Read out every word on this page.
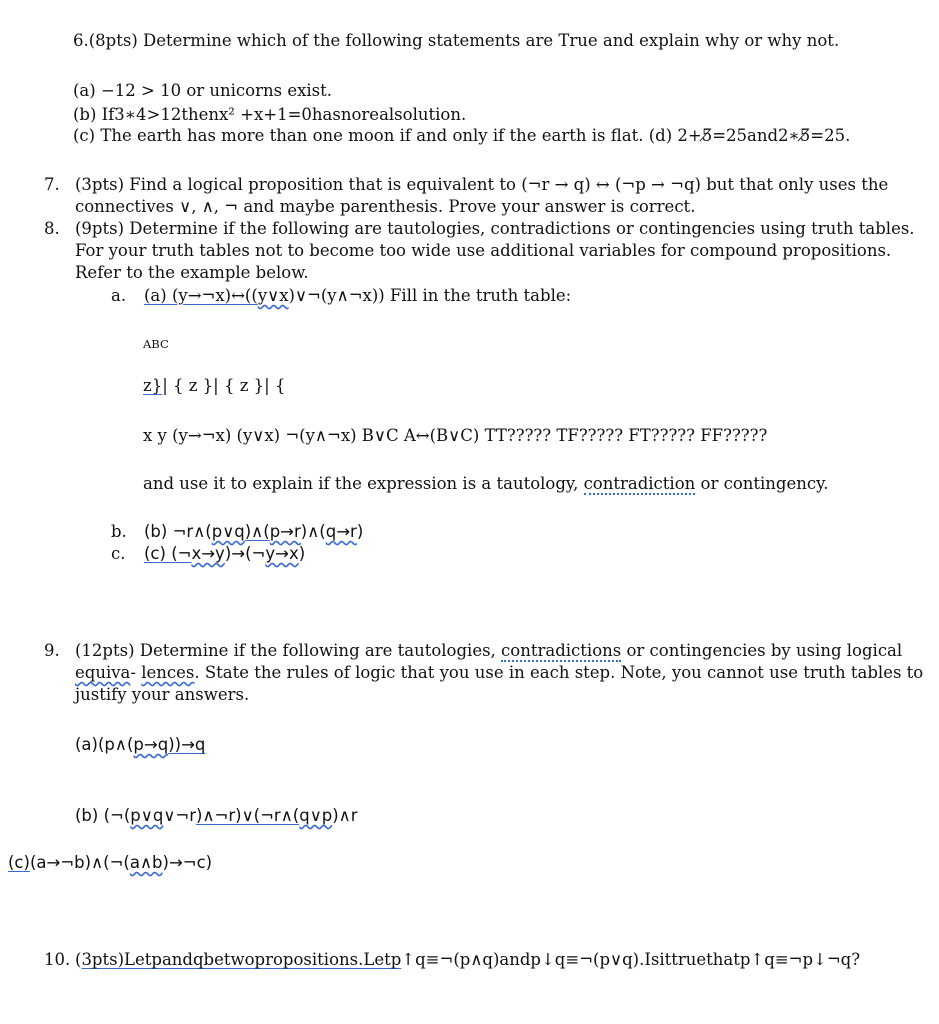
6.(8pts) Determine which of the following statements are True and explain why or why not.
(a) −12 > 10 or unicorns exist.
(b) If3∗4>12thenx² +x+1=0hasnorealsolution.
(c) The earth has more than one moon if and only if the earth is flat. (d) 2+5̸=25and2∗5̸=25.
7. (3pts) Find a logical proposition that is equivalent to (¬r → q) ↔ (¬p → ¬q) but that only uses the
connectives ∨, ∧, ¬ and maybe parenthesis. Prove your answer is correct.
8. (9pts) Determine if the following are tautologies, contradictions or contingencies using truth tables.
For your truth tables not to become too wide use additional variables for compound propositions.
Refer to the example below.
a. (a) (y→¬x)↔((y∨x)∨¬(y∧¬x)) Fill in the truth table:
ABC
z}| { z }| { z }| {
x y (y→¬x) (y∨x) ¬(y∧¬x) B∨C A↔(B∨C) TT????? TF????? FT????? FF?????
and use it to explain if the expression is a tautology, contradiction or contingency.
b. (b) ¬r∧(p∨q)∧(p→r)∧(q→r)
c. (c) (¬x→y)→(¬y→x)
9. (12pts) Determine if the following are tautologies, contradictions or contingencies by using logical
equiva- lences. State the rules of logic that you use in each step. Note, you cannot use truth tables to
justify your answers.
(a)(p∧(p→q))→q
(b) (¬(p∨q∨¬r)∧¬r)∨(¬r∧(q∨p)∧r
(c)(a→¬b)∧(¬(a∧b)→¬c)
10. (3pts)Letpandqbetwopropositions.Letp↑q≡¬(p∧q)andp↓q≡¬(p∨q).Isittruethatp↑q≡¬p↓¬q?
